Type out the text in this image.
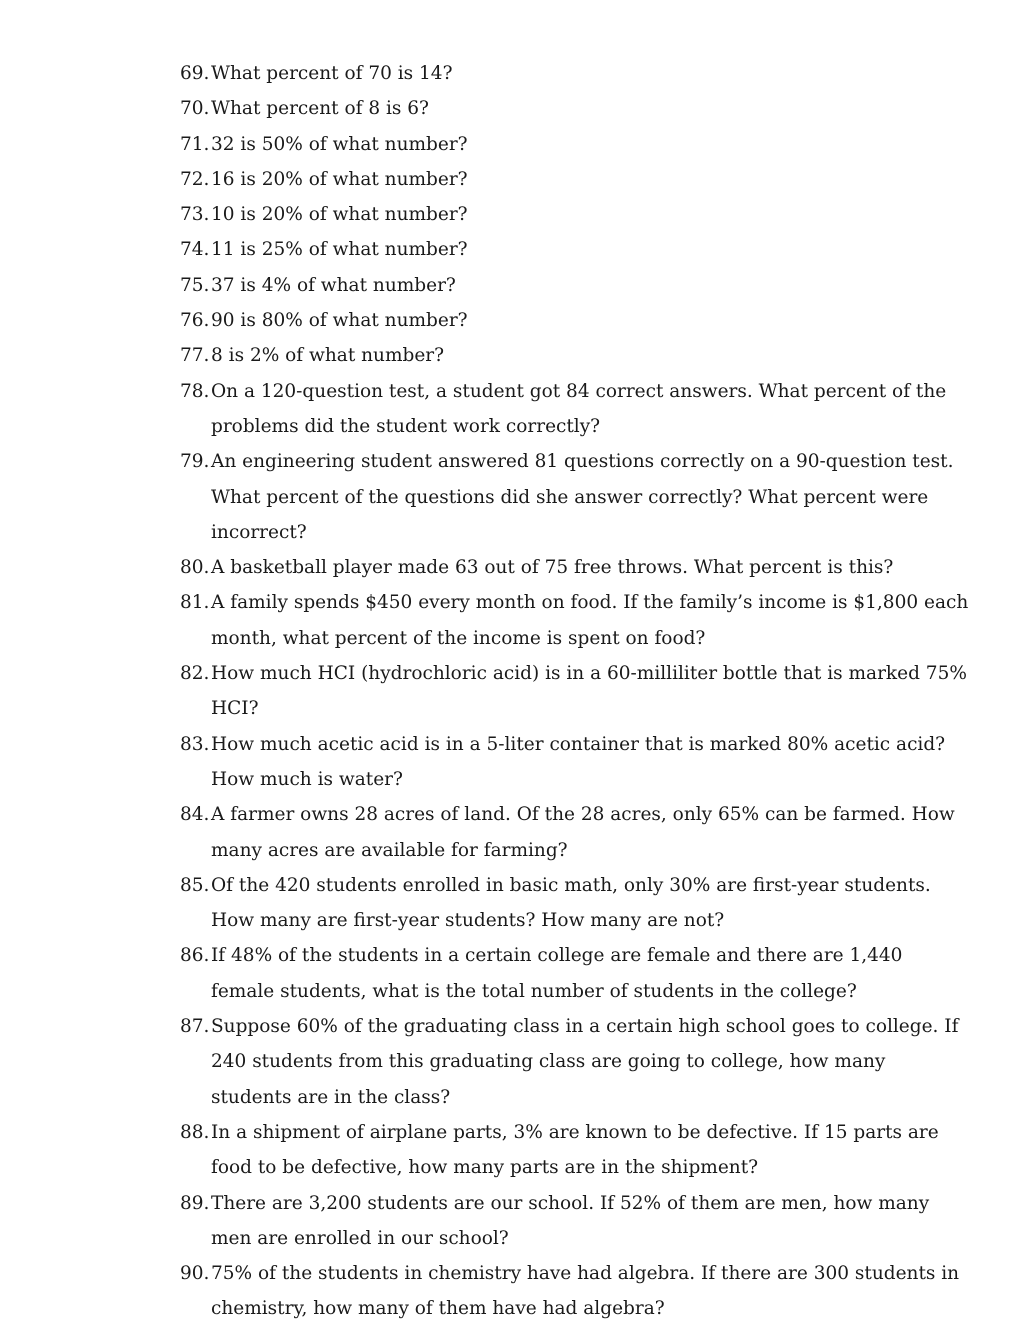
69. What percent of 70 is 14?
70. What percent of 8 is 6?
71. 32 is 50% of what number?
72. 16 is 20% of what number?
73. 10 is 20% of what number?
74. 11 is 25% of what number?
75. 37 is 4% of what number?
76. 90 is 80% of what number?
77. 8 is 2% of what number?
78. On a 120-question test, a student got 84 correct answers. What percent of the problems did the student work correctly?
79. An engineering student answered 81 questions correctly on a 90-question test. What percent of the questions did she answer correctly? What percent were incorrect?
80. A basketball player made 63 out of 75 free throws. What percent is this?
81. A family spends $450 every month on food. If the family’s income is $1,800 each month, what percent of the income is spent on food?
82. How much HCI (hydrochloric acid) is in a 60-milliliter bottle that is marked 75% HCI?
83. How much acetic acid is in a 5-liter container that is marked 80% acetic acid? How much is water?
84. A farmer owns 28 acres of land. Of the 28 acres, only 65% can be farmed. How many acres are available for farming?
85. Of the 420 students enrolled in basic math, only 30% are first-year students. How many are first-year students? How many are not?
86. If 48% of the students in a certain college are female and there are 1,440 female students, what is the total number of students in the college?
87. Suppose 60% of the graduating class in a certain high school goes to college. If 240 students from this graduating class are going to college, how many students are in the class?
88. In a shipment of airplane parts, 3% are known to be defective. If 15 parts are food to be defective, how many parts are in the shipment?
89. There are 3,200 students are our school. If 52% of them are men, how many men are enrolled in our school?
90. 75% of the students in chemistry have had algebra. If there are 300 students in chemistry, how many of them have had algebra?
